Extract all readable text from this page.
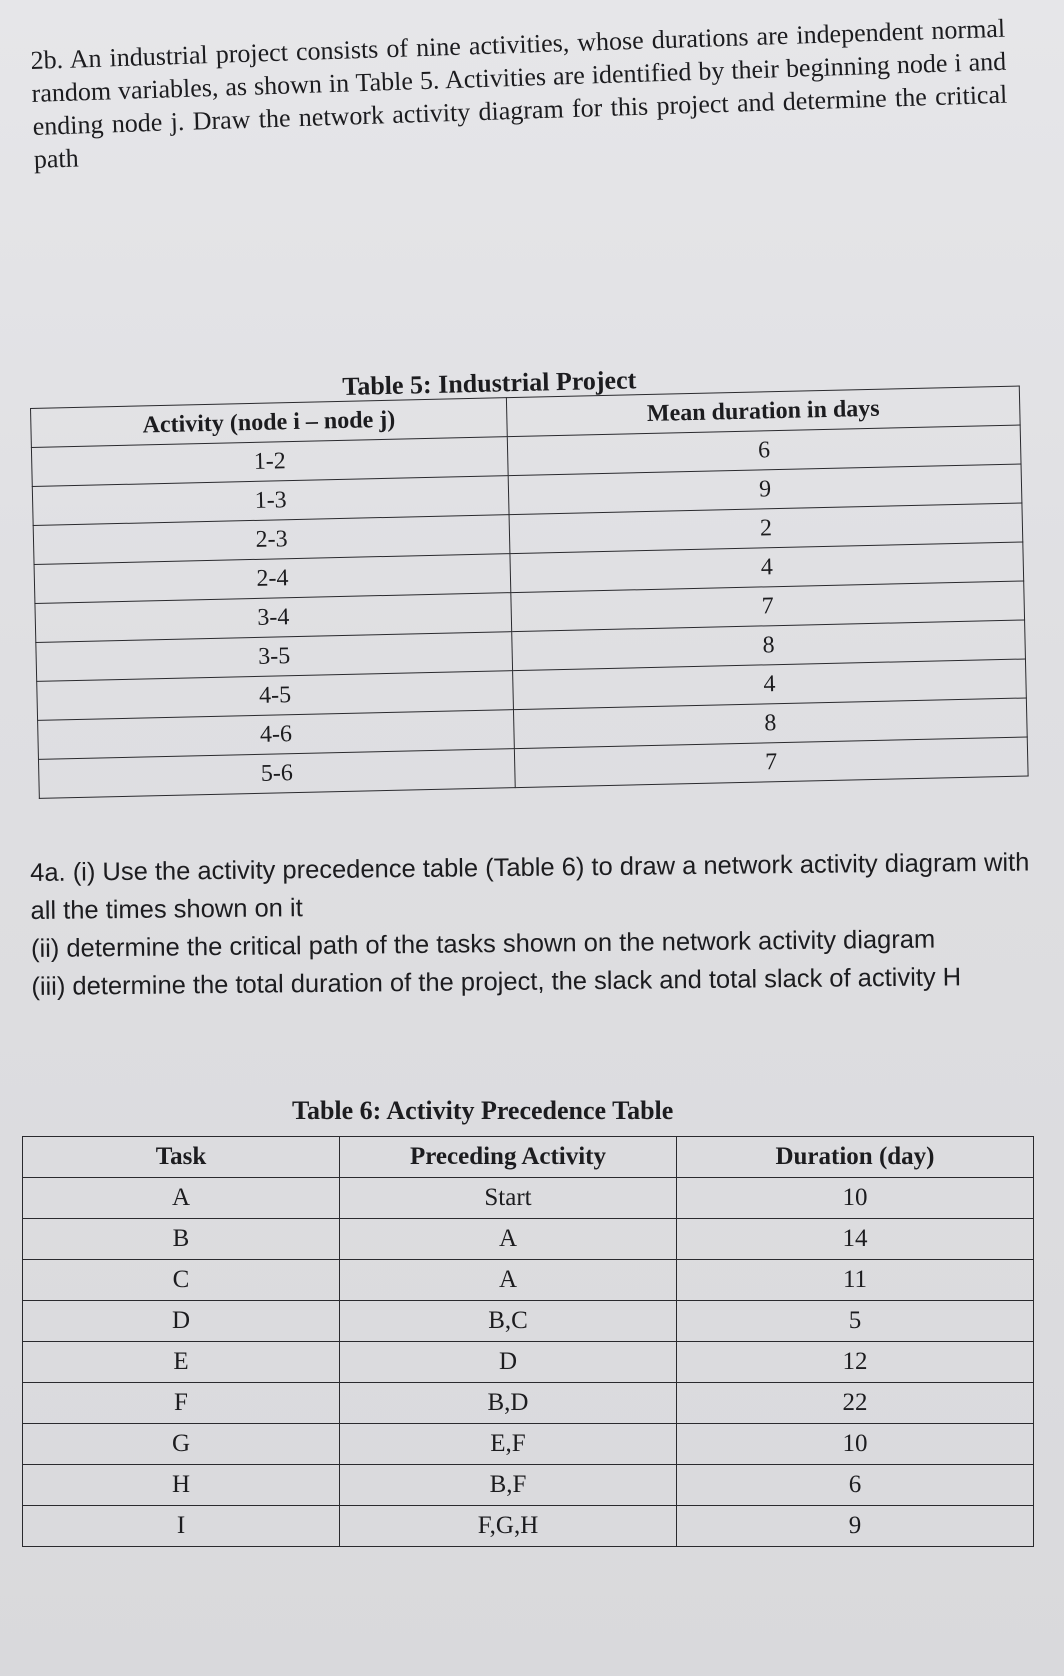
2b. An industrial project consists of nine activities, whose durations are independent normal random variables, as shown in Table 5. Activities are identified by their beginning node i and ending node j. Draw the network activity diagram for this project and determine the critical path

Table 5: Industrial Project

Activity (node i – node j)	Mean duration in days
1-2	6
1-3	9
2-3	2
2-4	4
3-4	7
3-5	8
4-5	4
4-6	8
5-6	7

4a. (i) Use the activity precedence table (Table 6) to draw a network activity diagram with all the times shown on it

(ii) determine the critical path of the tasks shown on the network activity diagram

(iii) determine the total duration of the project, the slack and total slack of activity H

Table 6: Activity Precedence Table

Task	Preceding Activity	Duration (day)
A	Start	10
B	A	14
C	A	11
D	B,C	5
E	D	12
F	B,D	22
G	E,F	10
H	B,F	6
I	F,G,H	9
